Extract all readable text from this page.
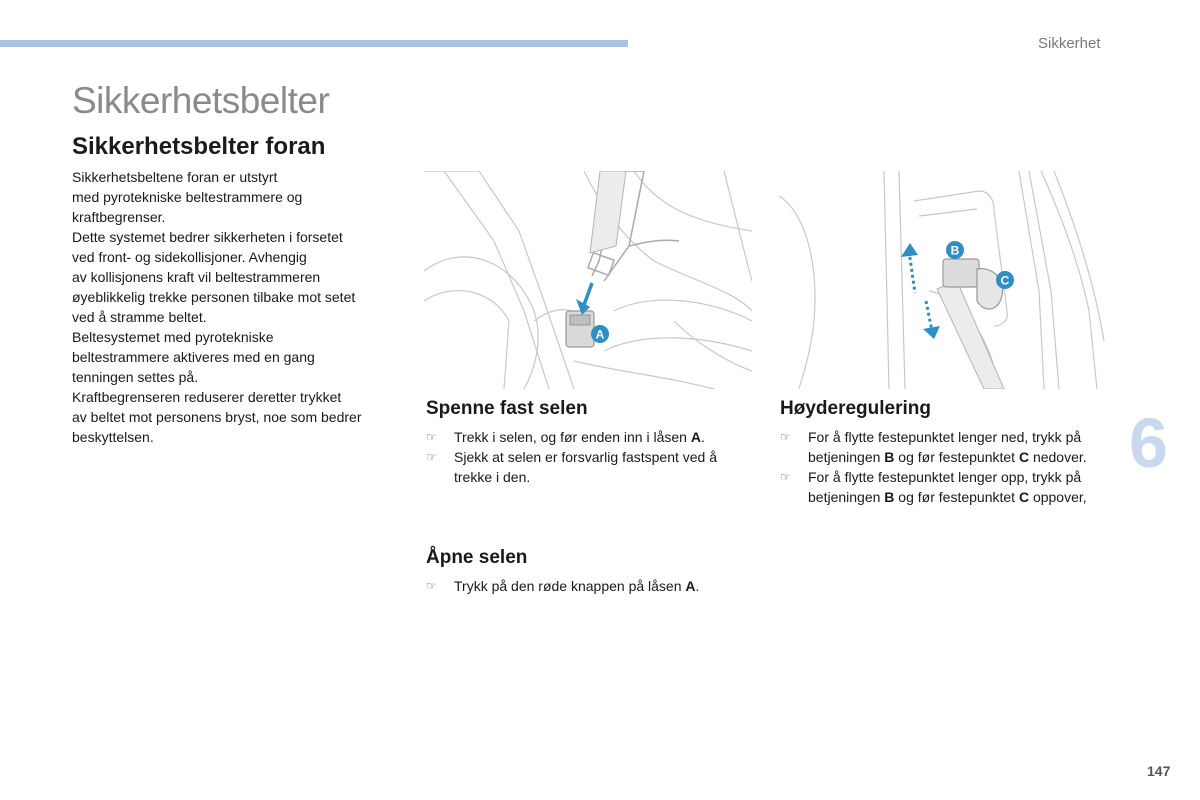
Sikkerhet
Sikkerhetsbelter
Sikkerhetsbelter foran

Sikkerhetsbeltene foran er utstyrt

med pyrotekniske beltestrammere og

kraftbegrenser.

Dette systemet bedrer sikkerheten i forsetet

ved front- og sidekollisjoner. Avhengig

av kollisjonens kraft vil beltestrammeren

øyeblikkelig trekke personen tilbake mot setet

ved å stramme beltet.

Beltesystemet med pyrotekniske

beltestrammere aktiveres med en gang

tenningen settes på.

Kraftbegrenseren reduserer deretter trykket

av beltet mot personens bryst, noe som bedrer

beskyttelsen.

A
B
C
Spenne fast selen
☞ Trekk i selen, og før enden inn i låsen A.
☞ Sjekk at selen er forsvarlig fastspent ved å trekke i den.
Åpne selen
☞ Trykk på den røde knappen på låsen A.
Høyderegulering
☞ For å flytte festepunktet lenger ned, trykk på betjeningen B og før festepunktet C nedover.
☞ For å flytte festepunktet lenger opp, trykk på betjeningen B og før festepunktet C oppover,
6
147
